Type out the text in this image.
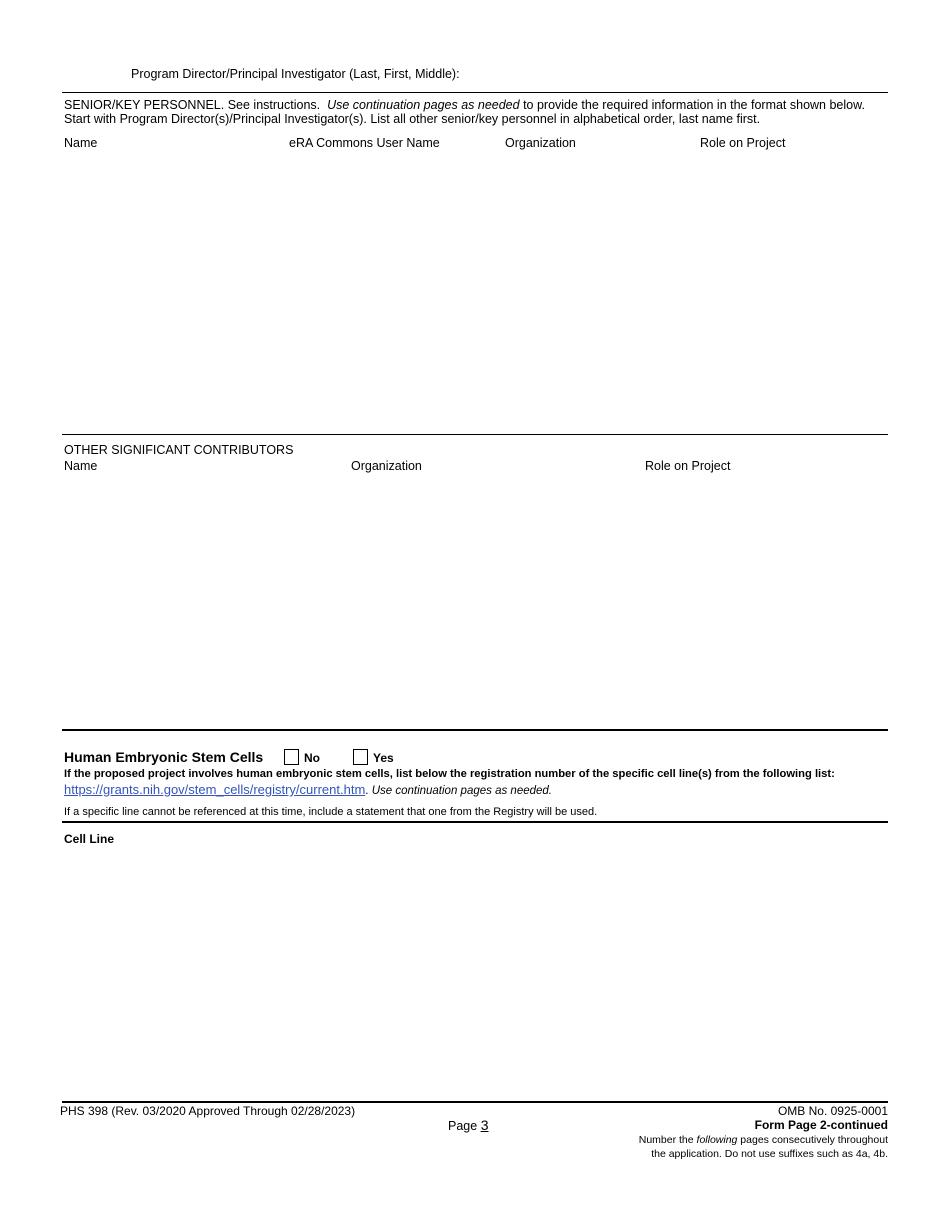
Program Director/Principal Investigator (Last, First, Middle):
SENIOR/KEY PERSONNEL. See instructions. Use continuation pages as needed to provide the required information in the format shown below.
Start with Program Director(s)/Principal Investigator(s). List all other senior/key personnel in alphabetical order, last name first.
Name	eRA Commons User Name	Organization	Role on Project
OTHER SIGNIFICANT CONTRIBUTORS
Name	Organization	Role on Project
Human Embryonic Stem Cells	No	Yes
If the proposed project involves human embryonic stem cells, list below the registration number of the specific cell line(s) from the following list:
https://grants.nih.gov/stem_cells/registry/current.htm. Use continuation pages as needed.
If a specific line cannot be referenced at this time, include a statement that one from the Registry will be used.
Cell Line
PHS 398 (Rev. 03/2020 Approved Through 02/28/2023)
Page 3
OMB No. 0925-0001
Form Page 2-continued
Number the following pages consecutively throughout
the application. Do not use suffixes such as 4a, 4b.
